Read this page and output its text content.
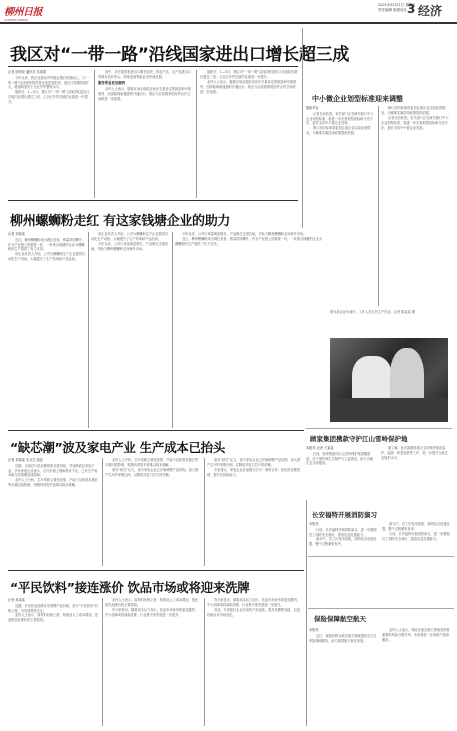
柳州日报
LIUZHOU RIBAO
2021年6月21日 星期五
责任编辑 版面设计 3 经济
我区对“一带一路”沿线国家进出口增长超三成
记者 欧阳伦 通讯员 吴春燕

今年以来，我区在推动外贸稳定增长的基础上，与“一带一路”沿线国家的贸易往来更加密切，进出口规模持续扩大，增速明显快于全区外贸整体水平。

据统计，1—5月，我区对“一带一路”沿线国家进出口总值同比增长超过三成，占全区外贸总值的比重进一步提升。

其中，对东盟国家进出口增长较快，机电产品、农产品进出口均保持良好势头，跨境电商等新业态快速发展。

服务贸易更加便利

业内人士表示，随着区域全面经济伙伴关系协定的推进和中欧班列、西部陆海新通道的开通运行，我区与沿线国家的经贸合作空间将进一步拓展。

据统计，1—5月，我区对“一带一路”沿线国家进出口总值同比增长超过三成，占全区外贸总值的比重进一步提升。

业内人士表示，随着区域全面经济伙伴关系协定的推进和中欧班列、西部陆海新通道的开通运行，我区与沿线国家的经贸合作空间将进一步拓展。

中小微企业划型标准迎来调整
据新华社

记者日前获悉，有关部门正在研究修订中小企业划型标准，将进一步完善划型指标和分类方法，更好支持中小微企业发展。

修订后的标准将更加注重企业实际经营情况，为精准实施扶持政策提供依据。

修订后的标准将更加注重企业实际经营情况，为精准实施扶持政策提供依据。

记者日前获悉，有关部门正在研究修订中小企业划型标准，将进一步完善划型指标和分类方法，更好支持中小微企业发展。

柳州螺蛳粉走红 有这家钱塘企业的助力
记者 刘某某

近日，柳州螺蛳粉成为网红美食，销量持续攀升。作为产业链上的重要一环，一家来自钱塘的企业为螺蛳粉的生产提供了有力支持。

该企业负责人介绍，公司为螺蛳粉生产企业提供自动化生产设备，大幅提升了生产效率和产品品质。

该企业负责人介绍，公司为螺蛳粉生产企业提供自动化生产设备，大幅提升了生产效率和产品品质。

今年以来，公司订单量明显增长，产品销往全国各地，并助力柳州螺蛳粉走向海外市场。

今年以来，公司订单量明显增长，产品销往全国各地，并助力柳州螺蛳粉走向海外市场。

近日，柳州螺蛳粉成为网红美食，销量持续攀升。作为产业链上的重要一环，一家来自钱塘的企业为螺蛳粉的生产提供了有力支持。

图为某企业车间内，工作人员正在生产作业。记者 陈某某 摄
顾家集团携款守护江山雪岭保护地
本报讯 记者 王某某

日前，顾家集团向江山雪岭保护地捐赠款项，用于保护地生态保护与公益建设，助力当地生态文明建设。

据了解，此次捐赠将重点支持保护地的巡护、监测、科普宣教等工作，进一步提升当地生态保护水平。

“缺芯潮”波及家电产业 生产成本已抬头
记者 刘某某 实习生 胡佳

近期，全球芯片供应紧张的态势持续，并逐渐波及家电产业。多家家电企业表示，芯片价格上涨和供应不足，已对生产成本和交货周期造成影响。

业内人士分析，芯片短缺主要受疫情、产能不足和需求增长等多重因素影响，短期内供需矛盾难以根本缓解。

业内人士分析，芯片短缺主要受疫情、产能不足和需求增长等多重因素影响，短期内供需矛盾难以根本缓解。

面对“缺芯”压力，部分家电企业已开始调整产品结构，加大国产芯片的采购比例，以降低对进口芯片的依赖。

面对“缺芯”压力，部分家电企业已开始调整产品结构，加大国产芯片的采购比例，以降低对进口芯片的依赖。

专家建议，家电企业应加强与芯片厂商的合作，优化供应链管理，提升抗风险能力。

长安福特开展消防演习
本报讯

日前，长安福特开展消防演习，进一步增强员工消防安全意识，提高应急处置能力。

演习中，员工们有序疏散，消防队员迅速处置，整个过程紧张有序。

演习中，员工们有序疏散，消防队员迅速处置，整个过程紧张有序。

日前，长安福特开展消防演习，进一步增强员工消防安全意识，提高应急处置能力。

保险保障航空航天
本报讯

近日，保险机构为航空航天领域提供全方位风险保障服务，助力我国航天事业发展。

业内人士表示，保险在航空航天领域发挥着重要的风险分散作用，未来将进一步创新产品和服务。

“平民饮料”接连涨价 饮品市场或将迎来洗牌
记者 孙某某

近期，多家饮品品牌宣布调整产品价格，部分“平民饮料”价格上涨，引发消费者关注。

业内人士表示，原材料价格上涨、物流及人工成本增加，是此轮饮品涨价的主要原因。

业内人士表示，原材料价格上涨、物流及人工成本增加，是此轮饮品涨价的主要原因。

有分析指出，随着成本压力加大，饮品市场竞争将更加激烈，中小品牌或将面临洗牌，行业集中度有望进一步提升。

有分析指出，随着成本压力加大，饮品市场竞争将更加激烈，中小品牌或将面临洗牌，行业集中度有望进一步提升。

对此，专家建议企业应加快产品创新，提升品牌附加值，以更好地应对市场变化。
